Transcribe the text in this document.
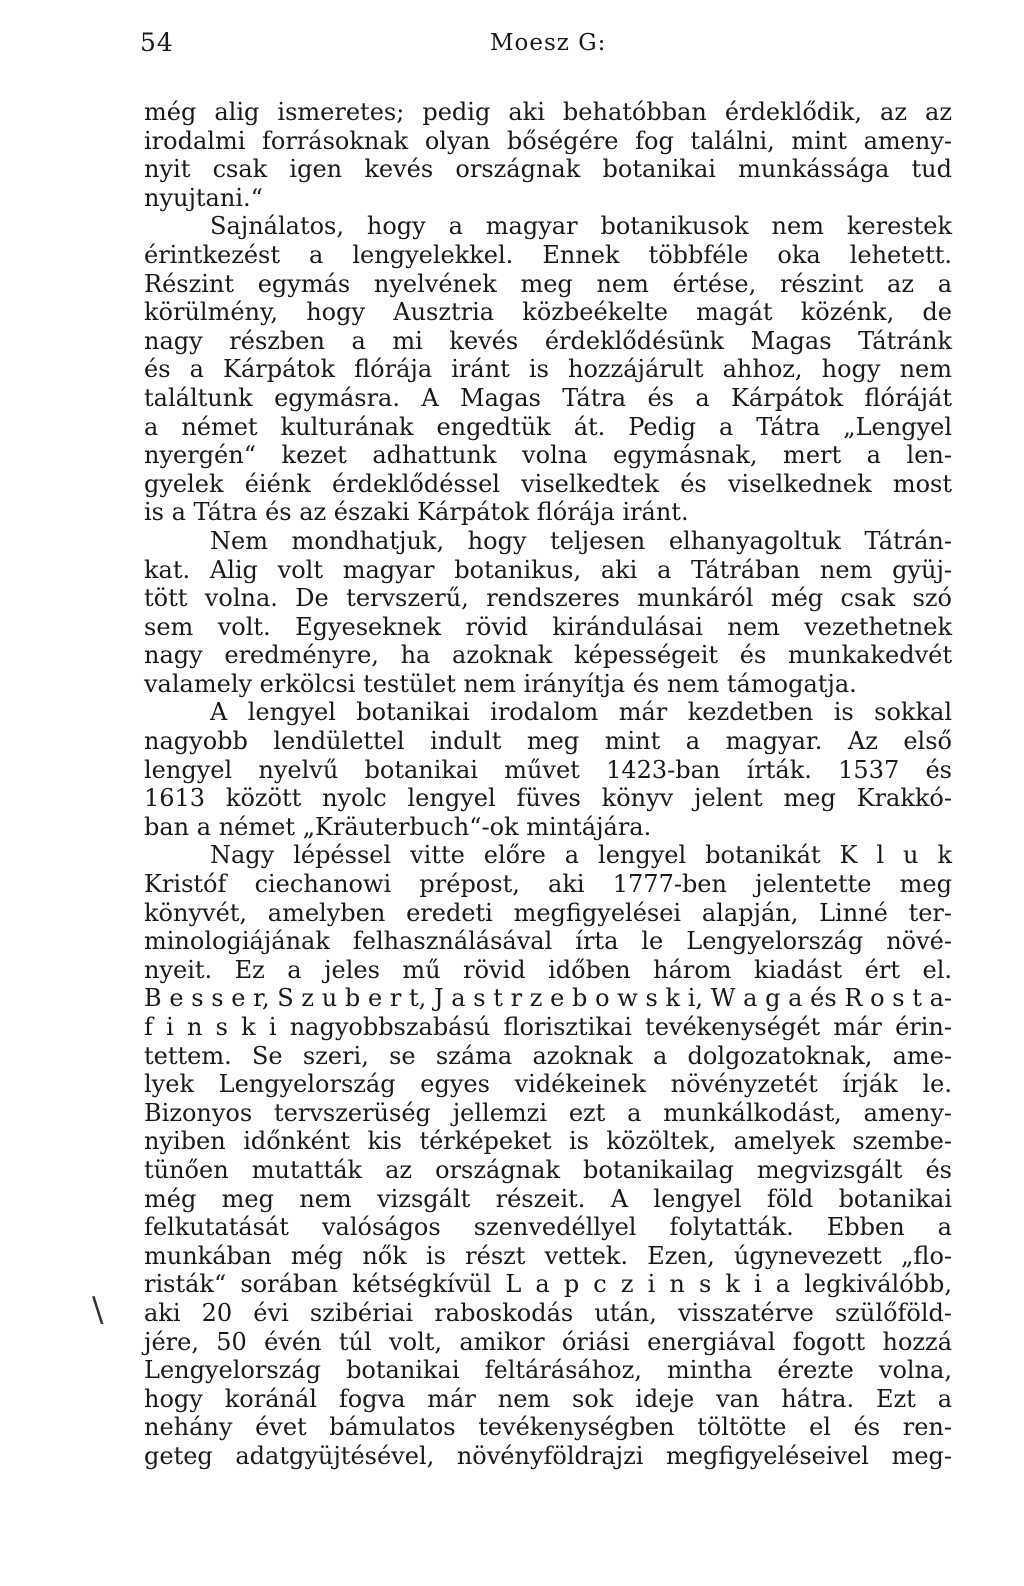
54	Moesz G:
még alig ismeretes; pedig aki behatóbban érdeklődik, az az
irodalmi forrásoknak olyan bőségére fog találni, mint ameny-
nyit csak igen kevés országnak botanikai munkássága tud
nyujtani.“
Sajnálatos, hogy a magyar botanikusok nem kerestek
érintkezést a lengyelekkel. Ennek többféle oka lehetett.
Részint egymás nyelvének meg nem értése, részint az a
körülmény, hogy Ausztria közbeékelte magát közénk, de
nagy részben a mi kevés érdeklődésünk Magas Tátránk
és a Kárpátok flórája iránt is hozzájárult ahhoz, hogy nem
találtunk egymásra. A Magas Tátra és a Kárpátok flóráját
a német kulturának engedtük át. Pedig a Tátra „Lengyel
nyergén“ kezet adhattunk volna egymásnak, mert a len-
gyelek éiénk érdeklődéssel viselkedtek és viselkednek most
is a Tátra és az északi Kárpátok flórája iránt.
Nem mondhatjuk, hogy teljesen elhanyagoltuk Tátrán-
kat. Alig volt magyar botanikus, aki a Tátrában nem gyüj-
tött volna. De tervszerű, rendszeres munkáról még csak szó
sem volt. Egyeseknek rövid kirándulásai nem vezethetnek
nagy eredményre, ha azoknak képességeit és munkakedvét
valamely erkölcsi testület nem irányítja és nem támogatja.
A lengyel botanikai irodalom már kezdetben is sokkal
nagyobb lendülettel indult meg mint a magyar. Az első
lengyel nyelvű botanikai művet 1423-ban írták. 1537 és
1613 között nyolc lengyel füves könyv jelent meg Krakkó-
ban a német „Kräuterbuch“-ok mintájára.
Nagy lépéssel vitte előre a lengyel botanikát K l u k
Kristóf ciechanowi prépost, aki 1777-ben jelentette meg
könyvét, amelyben eredeti megfigyelései alapján, Linné ter-
minologiájának felhasználásával írta le Lengyelország növé-
nyeit. Ez a jeles mű rövid időben három kiadást ért el.
B e s s e r, S z u b e r t, J a s t r z e b o w s k i, W a g a és R o s t a-
f i n s k i nagyobbszabású florisztikai tevékenységét már érin-
tettem. Se szeri, se száma azoknak a dolgozatoknak, ame-
lyek Lengyelország egyes vidékeinek növényzetét írják le.
Bizonyos tervszerüség jellemzi ezt a munkálkodást, ameny-
nyiben időnként kis térképeket is közöltek, amelyek szembe-
tünően mutatták az országnak botanikailag megvizsgált és
még meg nem vizsgált részeit. A lengyel föld botanikai
felkutatását valóságos szenvedéllyel folytatták. Ebben a
munkában még nők is részt vettek. Ezen, úgynevezett „flo-
risták“ sorában kétségkívül L a p c z i n s k i a legkiválóbb,
aki 20 évi szibériai raboskodás után, visszatérve szülőföld-
jére, 50 évén túl volt, amikor óriási energiával fogott hozzá
Lengyelország botanikai feltárásához, mintha érezte volna,
hogy koránál fogva már nem sok ideje van hátra. Ezt a
nehány évet bámulatos tevékenységben töltötte el és ren-
geteg adatgyüjtésével, növényföldrajzi megfigyeléseivel meg-
\
